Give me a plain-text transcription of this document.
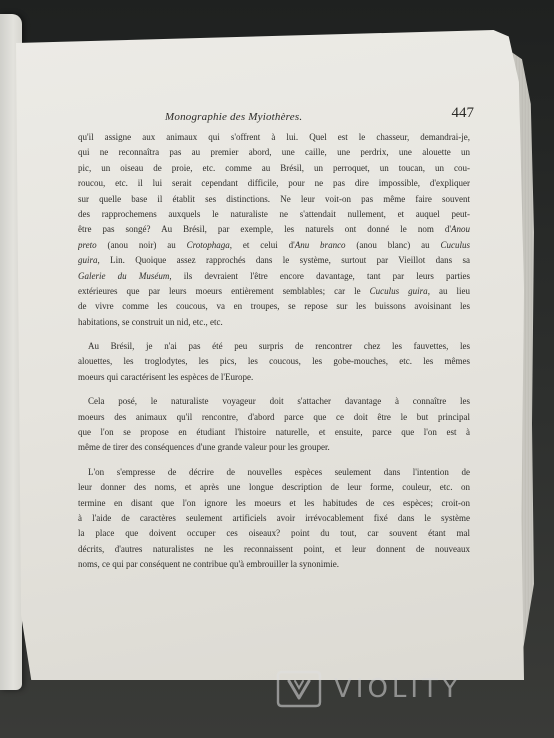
Monographie des Myiothères.	447
qu'il assigne aux animaux qui s'offrent à lui. Quel est le chasseur, demandrai-je,
qui ne reconnaîtra pas au premier abord, une caille, une perdrix, une alouette un
pic, un oiseau de proie, etc. comme au Brésil, un perroquet, un toucan, un cou-
roucou, etc. il lui serait cependant difficile, pour ne pas dire impossible, d'expliquer
sur quelle base il établit ses distinctions. Ne leur voit-on pas même faire souvent
des rapprochemens auxquels le naturaliste ne s'attendait nullement, et auquel peut-
être pas songé? Au Brésil, par exemple, les naturels ont donné le nom d'Anou
preto (anou noir) au Crotophaga, et celui d'Anu branco (anou blanc) au Cuculus
guira, Lin. Quoique assez rapprochés dans le système, surtout par Vieillot dans sa
Galerie du Muséum, ils devraient l'être encore davantage, tant par leurs parties
extérieures que par leurs moeurs entièrement semblables; car le Cuculus guira, au lieu
de vivre comme les coucous, va en troupes, se repose sur les buissons avoisinant les
habitations, se construit un nid, etc., etc.
Au Brésil, je n'ai pas été peu surpris de rencontrer chez les fauvettes, les
alouettes, les troglodytes, les pics, les coucous, les gobe-mouches, etc. les mêmes
moeurs qui caractérisent les espèces de l'Europe.
Cela posé, le naturaliste voyageur doit s'attacher davantage à connaître les
moeurs des animaux qu'il rencontre, d'abord parce que ce doit être le but principal
que l'on se propose en étudiant l'histoire naturelle, et ensuite, parce que l'on est à
même de tirer des conséquences d'une grande valeur pour les grouper.
L'on s'empresse de décrire de nouvelles espèces seulement dans l'intention de
leur donner des noms, et après une longue description de leur forme, couleur, etc. on
termine en disant que l'on ignore les moeurs et les habitudes de ces espèces; croit-on
à l'aide de caractères seulement artificiels avoir irrévocablement fixé dans le système
la place que doivent occuper ces oiseaux? point du tout, car souvent étant mal
décrits, d'autres naturalistes ne les reconnaissent point, et leur donnent de nouveaux
noms, ce qui par conséquent ne contribue qu'à embrouiller la synonimie.
VIOLITY
